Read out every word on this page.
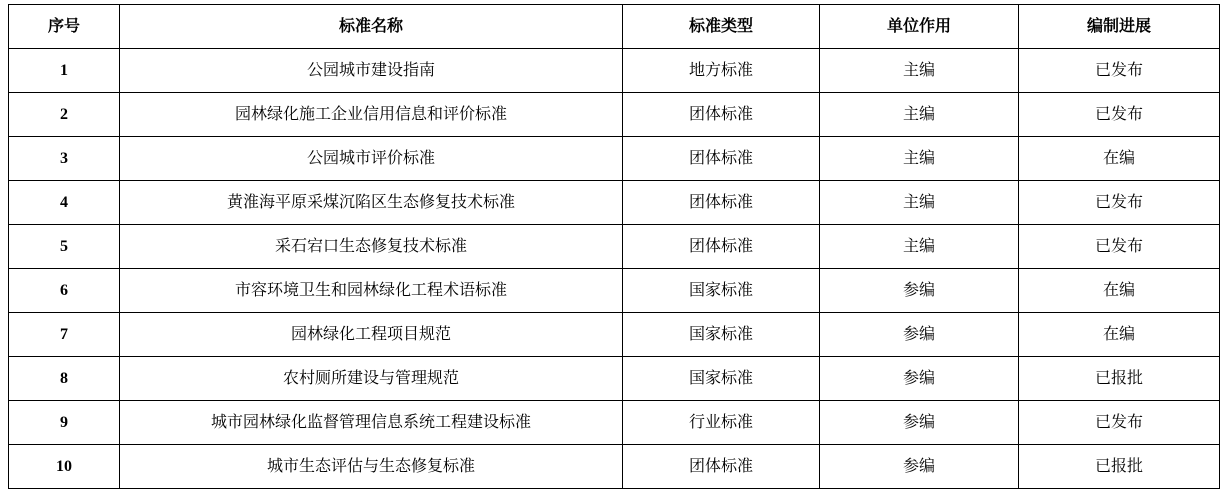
序号	标准名称	标准类型	单位作用	编制进展
1	公园城市建设指南	地方标准	主编	已发布
2	园林绿化施工企业信用信息和评价标准	团体标准	主编	已发布
3	公园城市评价标准	团体标准	主编	在编
4	黄淮海平原采煤沉陷区生态修复技术标准	团体标准	主编	已发布
5	采石宕口生态修复技术标准	团体标准	主编	已发布
6	市容环境卫生和园林绿化工程术语标准	国家标准	参编	在编
7	园林绿化工程项目规范	国家标准	参编	在编
8	农村厕所建设与管理规范	国家标准	参编	已报批
9	城市园林绿化监督管理信息系统工程建设标准	行业标准	参编	已发布
10	城市生态评估与生态修复标准	团体标准	参编	已报批
